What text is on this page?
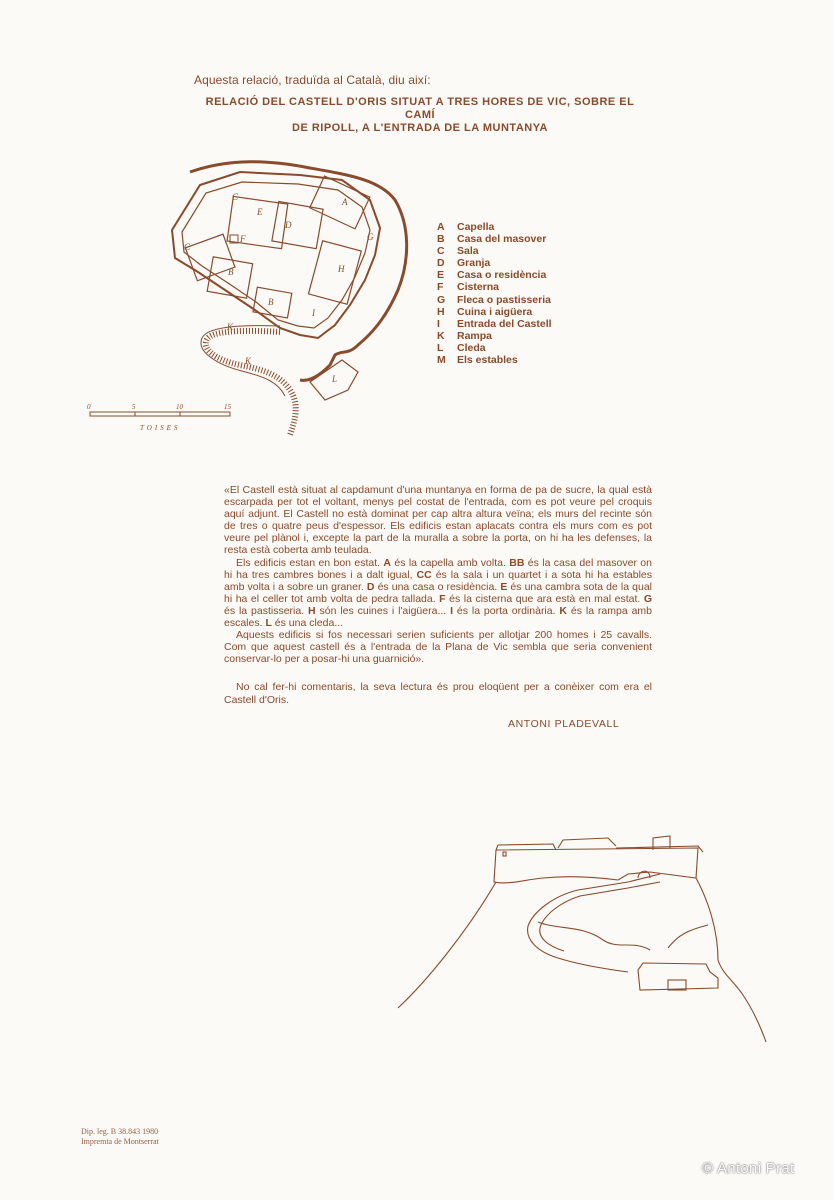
Aquesta relació, traduïda al Català, diu així:
RELACIÓ DEL CASTELL D'ORIS SITUAT A TRES HORES DE VIC, SOBRE EL CAMÍ
DE RIPOLL, A L'ENTRADA DE LA MUNTANYA
A
C
E
D
B
B
C
F
H
I
K
K
L
G
0	5	10	15
TOISES
A	Capella
B	Casa del masover
C	Sala
D	Granja
E	Casa o residència
F	Cisterna
G	Fleca o pastisseria
H	Cuina i aigüera
I	Entrada del Castell
K	Rampa
L	Cleda
M	Els estables

«El Castell està situat al capdamunt d'una muntanya en forma de pa de sucre, la qual està escarpada per tot el voltant, menys pel costat de l'entrada, com es pot veure pel croquis aquí adjunt. El Castell no està dominat per cap altra altura veïna; els murs del recinte són de tres o quatre peus d'espessor. Els edificis estan aplacats contra els murs com es pot veure pel plànol i, excepte la part de la muralla a sobre la porta, on hi ha les defenses, la resta està coberta amb teulada.

Els edificis estan en bon estat. A és la capella amb volta. BB és la casa del masover on hi ha tres cambres bones i a dalt igual, CC és la sala i un quartet i a sota hi ha estables amb volta i a sobre un graner. D és una casa o residència. E és una cambra sota de la qual hi ha el celler tot amb volta de pedra tallada. F és la cisterna que ara està en mal estat. G és la pastisseria. H són les cuines i l'aigüera... I és la porta ordinària. K és la rampa amb escales. L és una cleda...

Aquests edificis si fos necessari serien suficients per allotjar 200 homes i 25 cavalls. Com que aquest castell és a l'entrada de la Plana de Vic sembla que seria convenient conservar-lo per a posar-hi una guarnició».

No cal fer-hi comentaris, la seva lectura és prou eloqüent per a conèixer com era el Castell d'Oris.
ANTONI PLADEVALL
Dip. leg. B 38.843 1980
Impremta de Montserrat
© Antoni Prat
